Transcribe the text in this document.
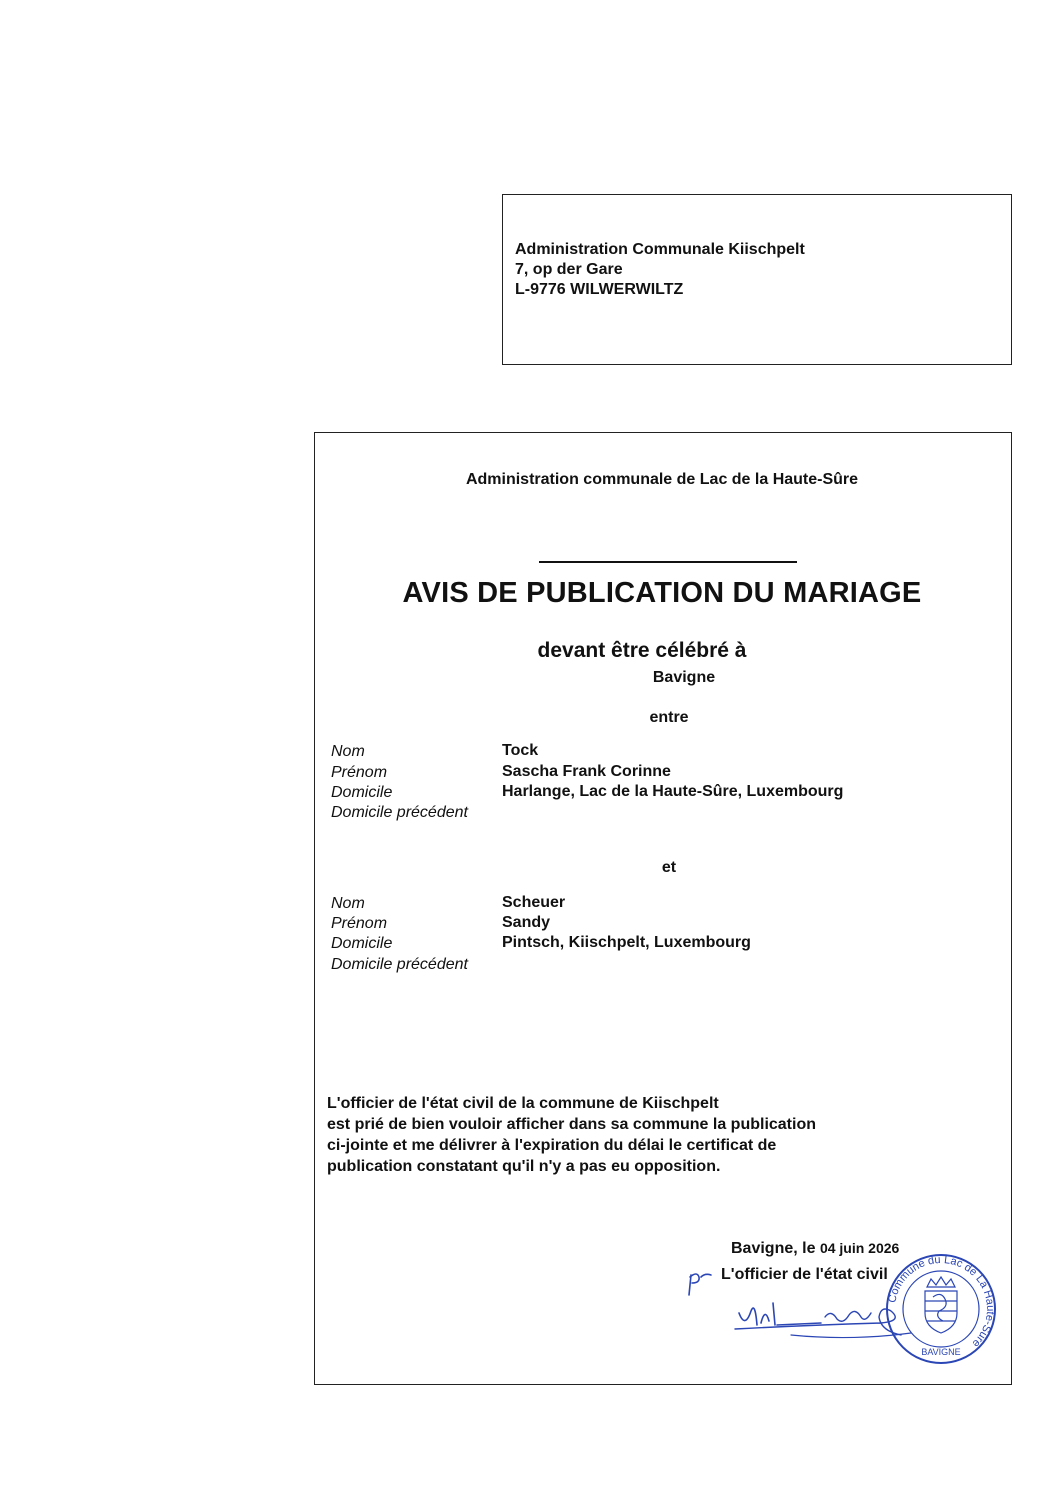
Administration Communale Kiischpelt
7, op der Gare
L-9776 WILWERWILTZ
Administration communale de Lac de la Haute-Sûre
AVIS DE PUBLICATION DU MARIAGE
devant être célébré à
Bavigne
entre
Nom
Prénom
Domicile
Domicile précédent
Tock
Sascha Frank Corinne
Harlange, Lac de la Haute-Sûre, Luxembourg
et
Nom
Prénom
Domicile
Domicile précédent
Scheuer
Sandy
Pintsch, Kiischpelt, Luxembourg
L'officier de l'état civil de la commune de Kiischpelt
est prié de bien vouloir afficher dans sa commune la publication
ci-jointe et me délivrer à l'expiration du délai le certificat de
publication constatant qu'il n'y a pas eu opposition.
Bavigne, le 04 juin 2026
L'officier de l'état civil
Commune du Lac de La Haute-Sûre
BAVIGNE
